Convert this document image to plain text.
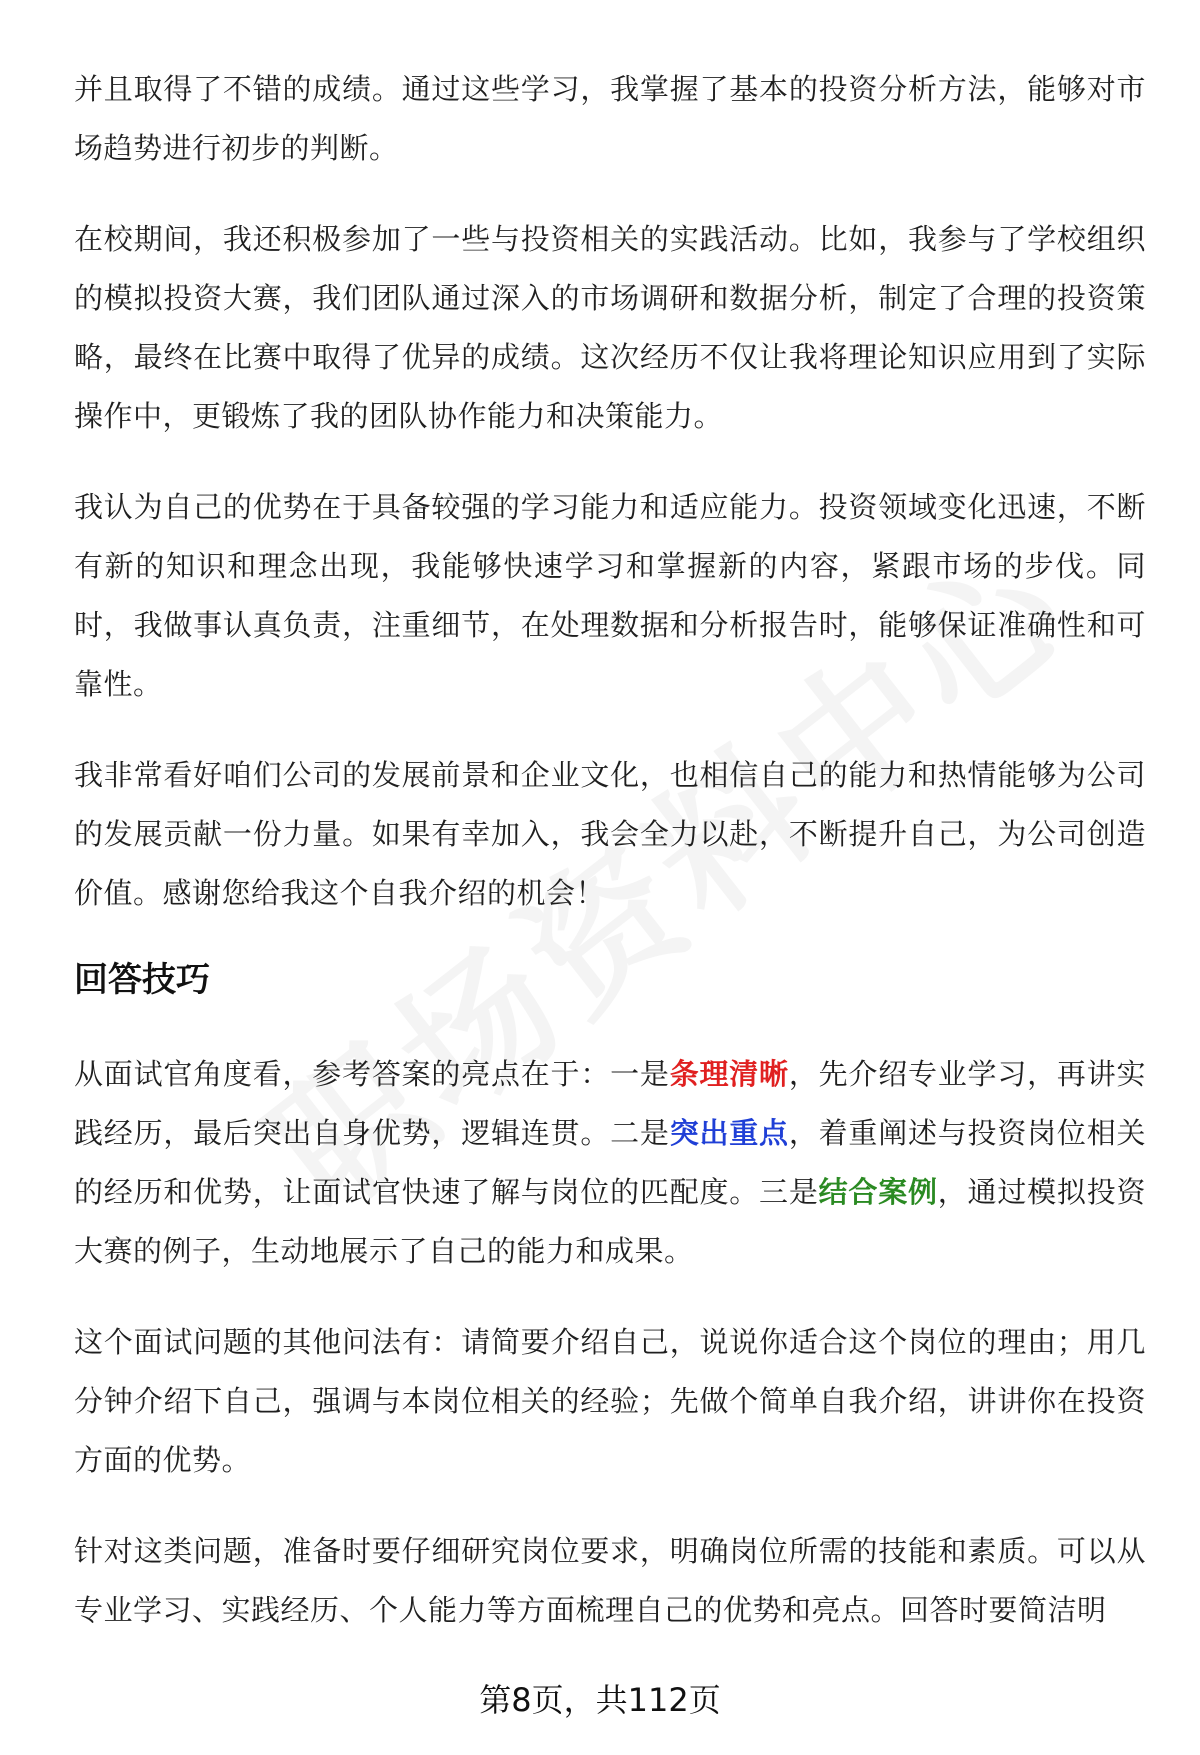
并且取得了不错的成绩。通过这些学习，我掌握了基本的投资分析方法，能够对市场趋势进行初步的判断。

在校期间，我还积极参加了一些与投资相关的实践活动。比如，我参与了学校组织的模拟投资大赛，我们团队通过深入的市场调研和数据分析，制定了合理的投资策略，最终在比赛中取得了优异的成绩。这次经历不仅让我将理论知识应用到了实际操作中，更锻炼了我的团队协作能力和决策能力。

我认为自己的优势在于具备较强的学习能力和适应能力。投资领域变化迅速，不断有新的知识和理念出现，我能够快速学习和掌握新的内容，紧跟市场的步伐。同时，我做事认真负责，注重细节，在处理数据和分析报告时，能够保证准确性和可靠性。

我非常看好咱们公司的发展前景和企业文化，也相信自己的能力和热情能够为公司的发展贡献一份力量。如果有幸加入，我会全力以赴，不断提升自己，为公司创造价值。感谢您给我这个自我介绍的机会！

回答技巧

从面试官角度看，参考答案的亮点在于：一是条理清晰，先介绍专业学习，再讲实践经历，最后突出自身优势，逻辑连贯。二是突出重点，着重阐述与投资岗位相关的经历和优势，让面试官快速了解与岗位的匹配度。三是结合案例，通过模拟投资大赛的例子，生动地展示了自己的能力和成果。

这个面试问题的其他问法有：请简要介绍自己，说说你适合这个岗位的理由；用几分钟介绍下自己，强调与本岗位相关的经验；先做个简单自我介绍，讲讲你在投资方面的优势。

针对这类问题，准备时要仔细研究岗位要求，明确岗位所需的技能和素质。可以从专业学习、实践经历、个人能力等方面梳理自己的优势和亮点。回答时要简洁明

第8页，共112页
